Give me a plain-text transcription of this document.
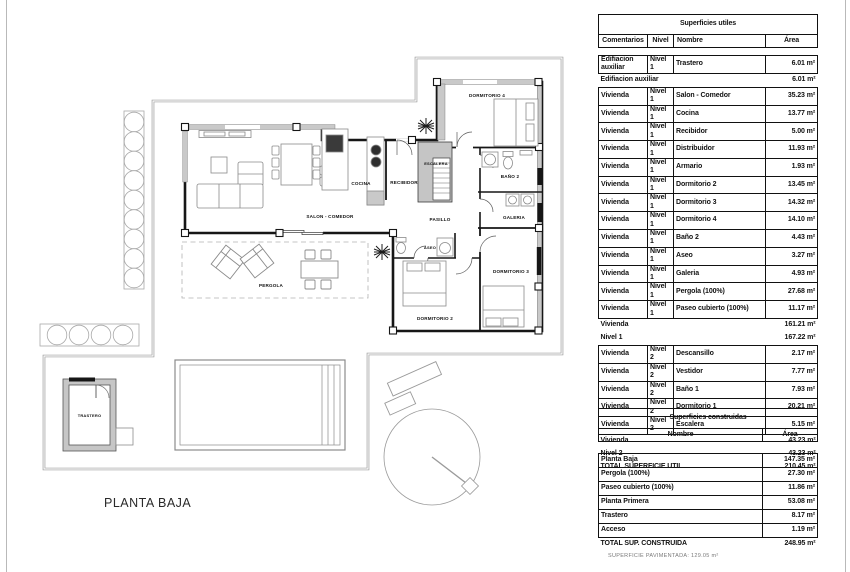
SALON - COMEDOR
COCINA	RECIBIDOR
ESCALERA
PASILLO
ASEO
BAÑO 2
GALERIA
DORMITORIO 4
DORMITORIO 3
DORMITORIO 2
PERGOLA
TRASTERO
PLANTA BAJA
Superficies utiles			
Comentarios	Nivel	Nombre	Área

Edifiacion auxiliar	Nivel 1	Trastero	6.01 m²
Edifiacion auxiliar			6.01 m²
Vivienda	Nivel 1	Salon - Comedor	35.23 m²
Vivienda	Nivel 1	Cocina	13.77 m²
Vivienda	Nivel 1	Recibidor	5.00 m²
Vivienda	Nivel 1	Distribuidor	11.93 m²
Vivienda	Nivel 1	Armario	1.93 m²
Vivienda	Nivel 1	Dormitorio 2	13.45 m²
Vivienda	Nivel 1	Dormitorio 3	14.32 m²
Vivienda	Nivel 1	Dormitorio 4	14.10 m²
Vivienda	Nivel 1	Baño 2	4.43 m²
Vivienda	Nivel 1	Aseo	3.27 m²
Vivienda	Nivel 1	Galeria	4.93 m²
Vivienda	Nivel 1	Pergola (100%)	27.68 m²
Vivienda	Nivel 1	Paseo cubierto (100%)	11.17 m²
Vivienda			161.21 m²
Nivel 1			167.22 m²
Vivienda	Nivel 2	Descansillo	2.17 m²
Vivienda	Nivel 2	Vestidor	7.77 m²
Vivienda	Nivel 2	Baño 1	7.93 m²
Vivienda	Nivel 2	Dormitorio 1	20.21 m²
Vivienda	Nivel 2	Escalera	5.15 m²
Vivienda			43.23 m²
Nivel 2			43.23 m²
TOTAL SUPERFICIE UTIL			210.45 m²
Superficies construidas	
Nombre	Área

Planta Baja	147.35 m²
Pergola (100%)	27.30 m²
Paseo cubierto (100%)	11.86 m²
Planta Primera	53.08 m²
Trastero	8.17 m²
Acceso	1.19 m²
TOTAL SUP. CONSTRUIDA	248.95 m²
SUPERFICIE PAVIMENTADA: 129.05 m²
